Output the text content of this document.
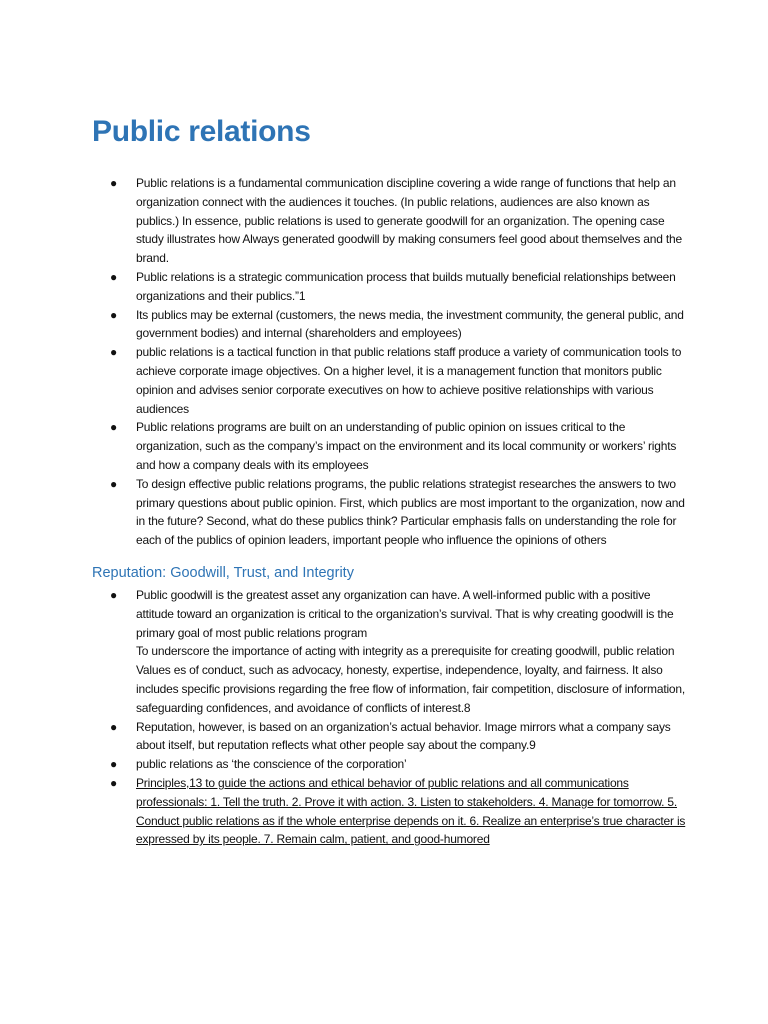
Public relations
● Public relations is a fundamental communication discipline covering a wide range of functions that help an organization connect with the audiences it touches. (In public relations, audiences are also known as publics.) In essence, public relations is used to generate goodwill for an organization. The opening case study illustrates how Always generated goodwill by making consumers feel good about themselves and the brand.
● Public relations is a strategic communication process that builds mutually beneficial relationships between organizations and their publics.”1
● Its publics may be external (customers, the news media, the investment community, the general public, and government bodies) and internal (shareholders and employees)
● public relations is a tactical function in that public relations staff produce a variety of communication tools to achieve corporate image objectives. On a higher level, it is a management function that monitors public opinion and advises senior corporate executives on how to achieve positive relationships with various audiences
● Public relations programs are built on an understanding of public opinion on issues critical to the organization, such as the company’s impact on the environment and its local community or workers’ rights and how a company deals with its employees
● To design effective public relations programs, the public relations strategist researches the answers to two primary questions about public opinion. First, which publics are most important to the organization, now and in the future? Second, what do these publics think? Particular emphasis falls on understanding the role for each of the publics of opinion leaders, important people who influence the opinions of others
Reputation: Goodwill, Trust, and Integrity
● Public goodwill is the greatest asset any organization can have. A well-informed public with a positive attitude toward an organization is critical to the organization’s survival. That is why creating goodwill is the primary goal of most public relations program
To underscore the importance of acting with integrity as a prerequisite for creating goodwill, public relation
Values es of conduct, such as advocacy, honesty, expertise, independence, loyalty, and fairness. It also includes specific provisions regarding the free flow of information, fair competition, disclosure of information, safeguarding confidences, and avoidance of conflicts of interest.8
● Reputation, however, is based on an organization’s actual behavior. Image mirrors what a company says about itself, but reputation reflects what other people say about the company.9
● public relations as ‘the conscience of the corporation’
● Principles,13 to guide the actions and ethical behavior of public relations and all communications professionals: 1. Tell the truth. 2. Prove it with action. 3. Listen to stakeholders. 4. Manage for tomorrow. 5. Conduct public relations as if the whole enterprise depends on it. 6. Realize an enterprise’s true character is expressed by its people. 7. Remain calm, patient, and good-humored
